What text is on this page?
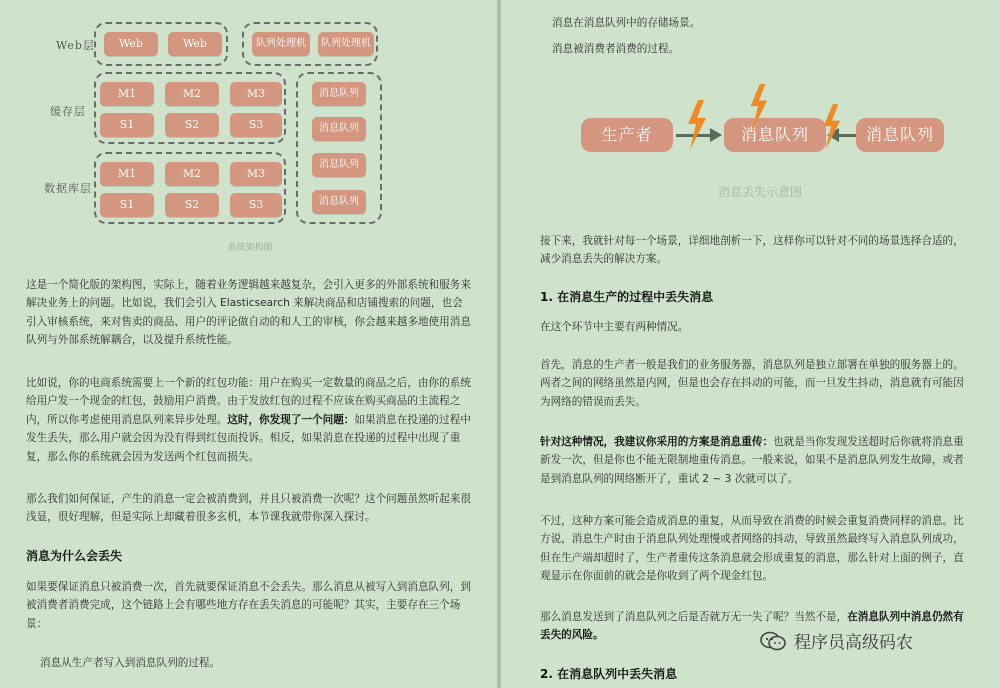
Web层
缓存层
数据库层
Web	Web	队列处理机	队列处理机
M1	M2	M3
S1	S2	S3
M1	M2	M3
S1	S2	S3
消息队列
消息队列
消息队列
消息队列
系统架构图
这是一个简化版的架构图，实际上，随着业务逻辑越来越复杂，会引入更多的外部系统和服务来解决业务上的问题。比如说，我们会引入 Elasticsearch 来解决商品和店铺搜索的问题，也会引入审核系统，来对售卖的商品、用户的评论做自动的和人工的审核，你会越来越多地使用消息队列与外部系统解耦合，以及提升系统性能。
比如说，你的电商系统需要上一个新的红包功能：用户在购买一定数量的商品之后，由你的系统给用户发一个现金的红包，鼓励用户消费。由于发放红包的过程不应该在购买商品的主流程之内，所以你考虑使用消息队列来异步处理。这时，你发现了一个问题：如果消息在投递的过程中发生丢失，那么用户就会因为没有得到红包而投诉。相反，如果消息在投递的过程中出现了重复，那么你的系统就会因为发送两个红包而损失。
那么我们如何保证，产生的消息一定会被消费到，并且只被消费一次呢？这个问题虽然听起来很浅显，很好理解，但是实际上却藏着很多玄机，本节课我就带你深入探讨。
消息为什么会丢失
如果要保证消息只被消费一次，首先就要保证消息不会丢失。那么消息从被写入到消息队列，到被消费者消费完成，这个链路上会有哪些地方存在丢失消息的可能呢？其实，主要存在三个场景：
消息从生产者写入到消息队列的过程。
消息在消息队列中的存储场景。
消息被消费者消费的过程。
生产者	消息队列	消息队列
消息丢失示意图
接下来，我就针对每一个场景，详细地剖析一下，这样你可以针对不同的场景选择合适的，减少消息丢失的解决方案。
1. 在消息生产的过程中丢失消息
在这个环节中主要有两种情况。
首先，消息的生产者一般是我们的业务服务器，消息队列是独立部署在单独的服务器上的。两者之间的网络虽然是内网，但是也会存在抖动的可能，而一旦发生抖动，消息就有可能因为网络的错误而丢失。
针对这种情况，我建议你采用的方案是消息重传：也就是当你发现发送超时后你就将消息重新发一次，但是你也不能无限制地重传消息。一般来说，如果不是消息队列发生故障，或者是到消息队列的网络断开了，重试 2 ~ 3 次就可以了。
不过，这种方案可能会造成消息的重复，从而导致在消费的时候会重复消费同样的消息。比方说，消息生产时由于消息队列处理慢或者网络的抖动，导致虽然最终写入消息队列成功，但在生产端却超时了，生产者重传这条消息就会形成重复的消息，那么针对上面的例子，直观显示在你面前的就会是你收到了两个现金红包。
那么消息发送到了消息队列之后是否就万无一失了呢？当然不是，在消息队列中消息仍然有丢失的风险。
2. 在消息队列中丢失消息
程序员高级码农
